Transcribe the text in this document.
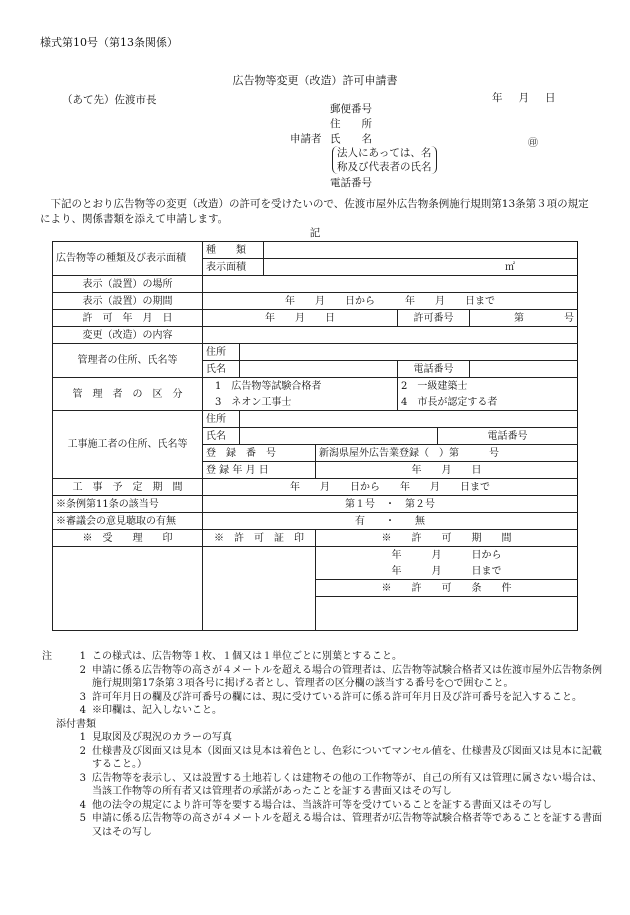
様式第10号（第13条関係）
広告物等変更（改造）許可申請書
年 月 日
（あて先）佐渡市長
郵便番号
住　　所
申請者 氏　　名
法人にあっては、名
称及び代表者の氏名
電話番号
㊞
　下記のとおり広告物等の変更（改造）の許可を受けたいので、佐渡市屋外広告物条例施行規則第13条第３項の規定により、関係書類を添えて申請します。
記
広告物等の種類及び表示面積	種　　類							
	表示面積		㎡					
表示（設置）の場所								
表示（設置）の期間	年　　月　　日から　　　年　　月　　日まで							
許　可　年　月　日	年　　月　　日				許可番号		第　　　　号	
変更（改造）の内容								
管理者の住所、氏名等	住所							
	氏名				電話番号			
管　理　者　の　区　分	1　広告物等試験合格者				2　一級建築士			
	3　ネオン工事士				4　市長が認定する者			
工事施工者の住所、氏名等	住所							
	氏名					電話番号		
	登　録　番　号			新潟県屋外広告業登録（　）第　　　号				
	登 録 年 月 日			年　　月　　日				
工　事　予　定　期　間	年　　月　　日から　　年　　月　　日まで							
※条例第11条の該当号	第１号　・　第２号							
※審議会の意見聴取の有無	有　　・　　無							
※　受　　理　　印	※　許　可　証　印			※　　許　　可　　期　　間				
				年　　　月　　　日から				
				年　　　月　　　日まで				
				※　　許　　可　　条　　件				

注	1 この様式は、広告物等１枚、１個又は１単位ごとに別葉とすること。
2 申請に係る広告物等の高さが４メートルを超える場合の管理者は、広告物等試験合格者又は佐渡市屋外広告物条例施行規則第17条第３項各号に掲げる者とし、管理者の区分欄の該当する番号を○で囲むこと。
3 許可年月日の欄及び許可番号の欄には、現に受けている許可に係る許可年月日及び許可番号を記入すること。
4 ※印欄は、記入しないこと。
添付書類
1 見取図及び現況のカラーの写真
2 仕様書及び図面又は見本（図面又は見本は着色とし、色彩についてマンセル値を、仕様書及び図面又は見本に記載すること。）
3 広告物等を表示し、又は設置する土地若しくは建物その他の工作物等が、自己の所有又は管理に属さない場合は、当該工作物等の所有者又は管理者の承諾があったことを証する書面又はその写し
4 他の法令の規定により許可等を要する場合は、当該許可等を受けていることを証する書面又はその写し
5 申請に係る広告物等の高さが４メートルを超える場合は、管理者が広告物等試験合格者等であることを証する書面又はその写し
